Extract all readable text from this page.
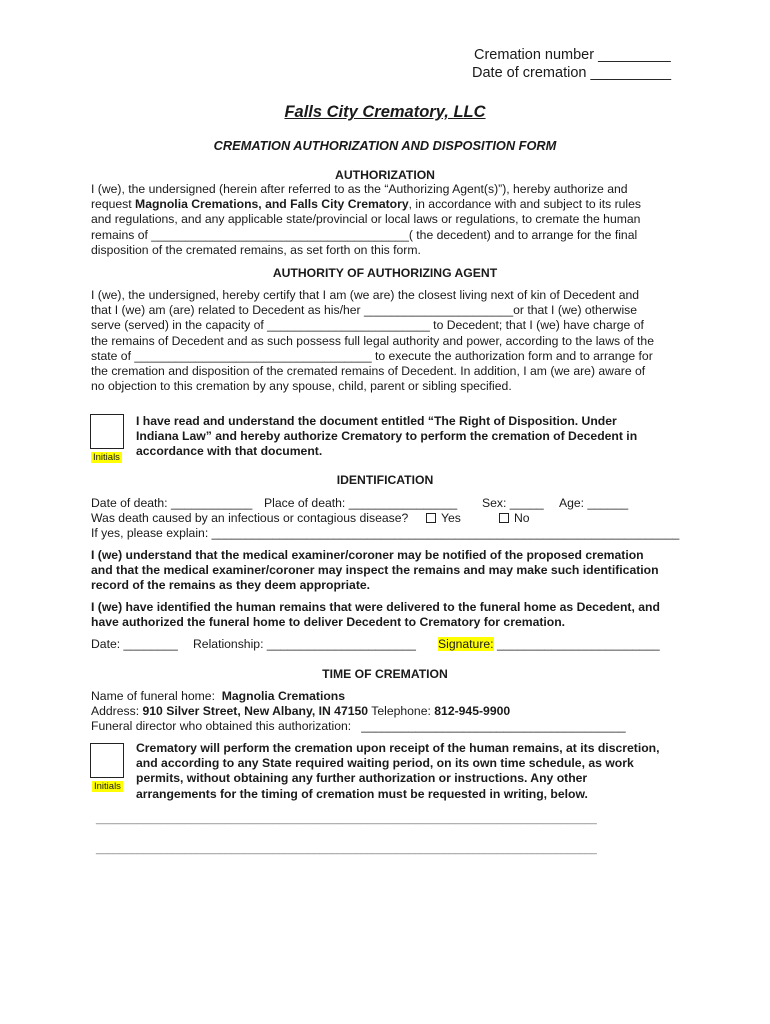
Cremation number _________
Date of cremation __________
Falls City Crematory, LLC
CREMATION AUTHORIZATION AND DISPOSITION FORM
AUTHORIZATION

I (we), the undersigned (herein after referred to as the “Authorizing Agent(s)”), hereby authorize and

request Magnolia Cremations, and Falls City Crematory, in accordance with and subject to its rules

and regulations, and any applicable state/provincial or local laws or regulations, to cremate the human

remains of ______________________________________( the decedent) and to arrange for the final

disposition of the cremated remains, as set forth on this form.

AUTHORITY OF AUTHORIZING AGENT

I (we), the undersigned, hereby certify that I am (we are) the closest living next of kin of Decedent and

that I (we) am (are) related to Decedent as his/her ______________________or that I (we) otherwise

serve (served) in the capacity of ________________________ to Decedent; that I (we) have charge of

the remains of Decedent and as such possess full legal authority and power, according to the laws of the

state of ___________________________________ to execute the authorization form and to arrange for

the cremation and disposition of the cremated remains of Decedent. In addition, I am (we are) aware of

no objection to this cremation by any spouse, child, parent or sibling specified.

Initials

I have read and understand the document entitled “The Right of Disposition. Under

Indiana Law” and hereby authorize Crematory to perform the cremation of Decedent in

accordance with that document.

IDENTIFICATION
Date of death: ____________ Place of death: ________________ Sex: _____ Age: ______
Was death caused by an infectious or contagious disease?	Yes	No
If yes, please explain: _____________________________________________________________________

I (we) understand that the medical examiner/coroner may be notified of the proposed cremation

and that the medical examiner/coroner may inspect the remains and may make such identification

record of the remains as they deem appropriate.

I (we) have identified the human remains that were delivered to the funeral home as Decedent, and

have authorized the funeral home to deliver Decedent to Crematory for cremation.

Date: ________ Relationship: ______________________ Signature: ________________________
TIME OF CREMATION
Name of funeral home:  Magnolia Cremations
Address: 910 Silver Street, New Albany, IN 47150 Telephone: 812-945-9900
Funeral director who obtained this authorization:   _______________________________________
Initials

Crematory will perform the cremation upon receipt of the human remains, at its discretion,

and according to any State required waiting period, on its own time schedule, as work

permits, without obtaining any further authorization or instructions. Any other

arrangements for the timing of cremation must be requested in writing, below.

_____________________________________________________________________________________
_____________________________________________________________________________________
